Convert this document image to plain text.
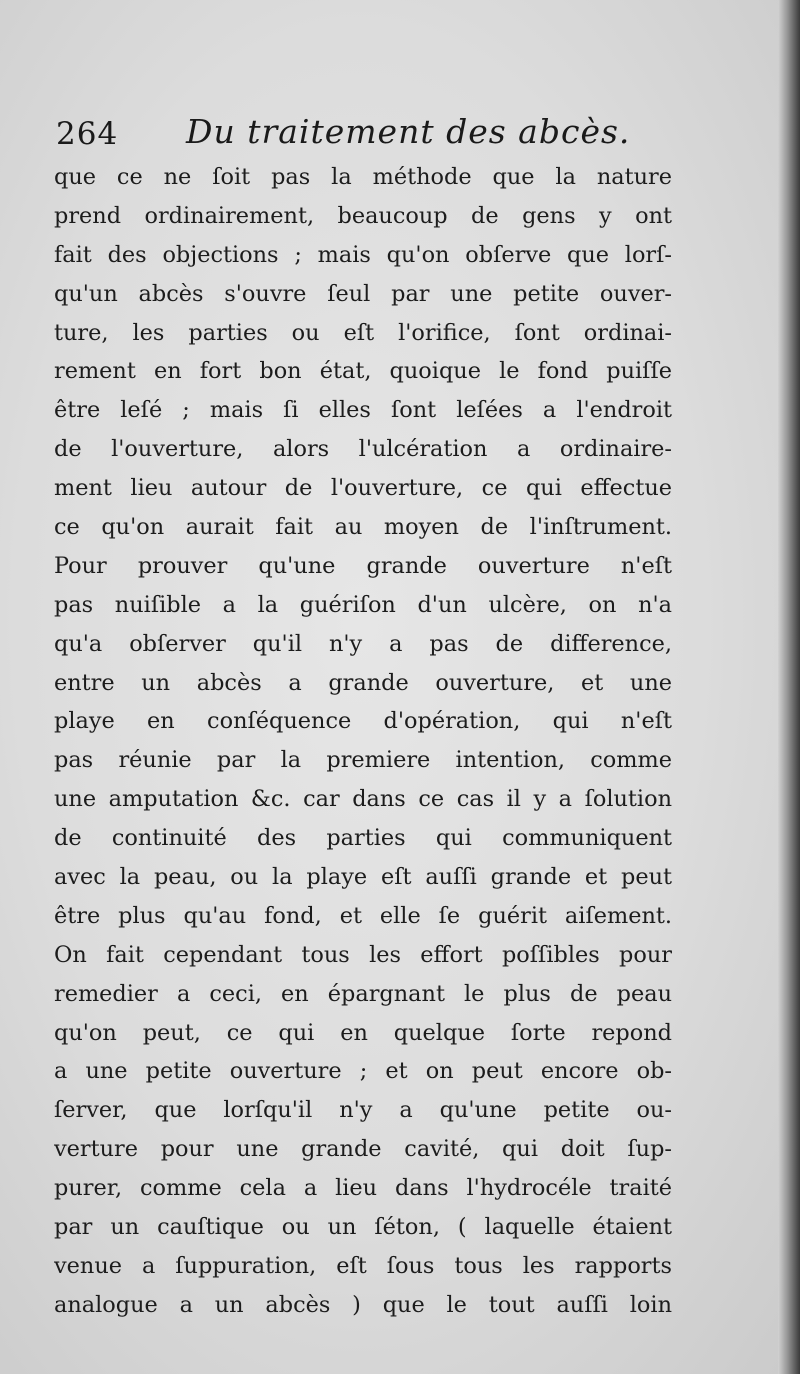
264 Du traitement des abcès.
que ce ne ſoit pas la méthode que la nature
prend ordinairement, beaucoup de gens y ont
fait des objections ; mais qu'on obſerve que lorſ-
qu'un abcès s'ouvre ſeul par une petite ouver-
ture, les parties ou eſt l'orifice, ſont ordinai-
rement en fort bon état, quoique le fond puiſſe
être leſé ; mais ſi elles ſont leſées a l'endroit
de l'ouverture, alors l'ulcération a ordinaire-
ment lieu autour de l'ouverture, ce qui effectue
ce qu'on aurait fait au moyen de l'inſtrument.
Pour prouver qu'une grande ouverture n'eſt
pas nuiſible a la guériſon d'un ulcère, on n'a
qu'a obſerver qu'il n'y a pas de difference,
entre un abcès a grande ouverture, et une
playe en conſéquence d'opération, qui n'eſt
pas réunie par la premiere intention, comme
une amputation &c. car dans ce cas il y a ſolution
de continuité des parties qui communiquent
avec la peau, ou la playe eſt auſſi grande et peut
être plus qu'au fond, et elle ſe guérit aiſement.
On fait cependant tous les effort poſſibles pour
remedier a ceci, en épargnant le plus de peau
qu'on peut, ce qui en quelque ſorte repond
a une petite ouverture ; et on peut encore ob-
ſerver, que lorſqu'il n'y a qu'une petite ou-
verture pour une grande cavité, qui doit ſup-
purer, comme cela a lieu dans l'hydrocéle traité
par un cauſtique ou un ſéton, ( laquelle étaient
venue a ſuppuration, eſt ſous tous les rapports
analogue a un abcès ) que le tout auſſi loin
